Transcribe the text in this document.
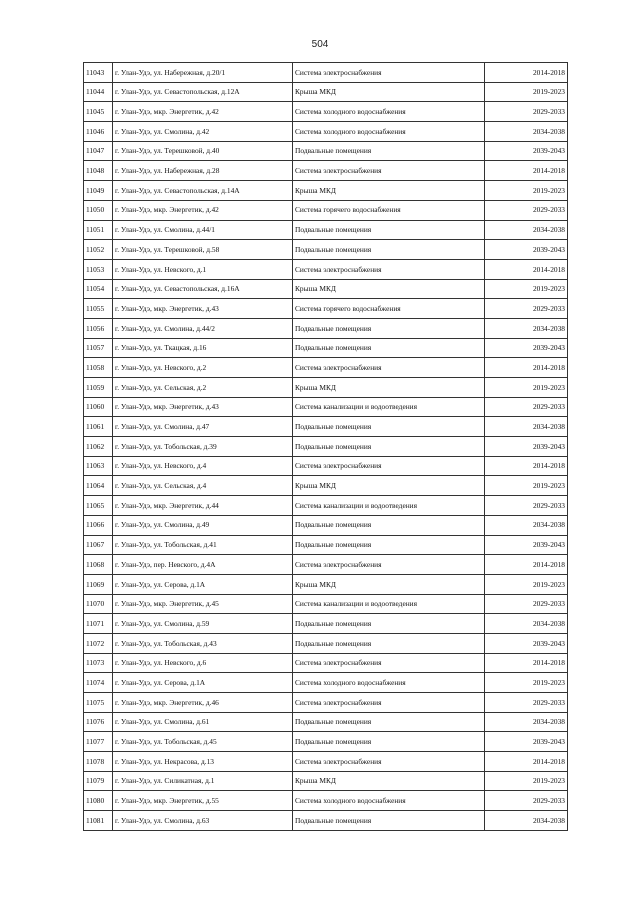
504
11043	г. Улан-Удэ, ул. Набережная, д.20/1	Система электроснабжения	2014-2018
11044	г. Улан-Удэ, ул. Севастопольская, д.12А	Крыша МКД	2019-2023
11045	г. Улан-Удэ, мкр. Энергетик, д.42	Система холодного водоснабжения	2029-2033
11046	г. Улан-Удэ, ул. Смолина, д.42	Система холодного водоснабжения	2034-2038
11047	г. Улан-Удэ, ул. Терешковой, д.40	Подвальные помещения	2039-2043
11048	г. Улан-Удэ, ул. Набережная, д.28	Система электроснабжения	2014-2018
11049	г. Улан-Удэ, ул. Севастопольская, д.14А	Крыша МКД	2019-2023
11050	г. Улан-Удэ, мкр. Энергетик, д.42	Система горячего водоснабжения	2029-2033
11051	г. Улан-Удэ, ул. Смолина, д.44/1	Подвальные помещения	2034-2038
11052	г. Улан-Удэ, ул. Терешковой, д.58	Подвальные помещения	2039-2043
11053	г. Улан-Удэ, ул. Невского, д.1	Система электроснабжения	2014-2018
11054	г. Улан-Удэ, ул. Севастопольская, д.16А	Крыша МКД	2019-2023
11055	г. Улан-Удэ, мкр. Энергетик, д.43	Система горячего водоснабжения	2029-2033
11056	г. Улан-Удэ, ул. Смолина, д.44/2	Подвальные помещения	2034-2038
11057	г. Улан-Удэ, ул. Ткацкая, д.16	Подвальные помещения	2039-2043
11058	г. Улан-Удэ, ул. Невского, д.2	Система электроснабжения	2014-2018
11059	г. Улан-Удэ, ул. Сельская, д.2	Крыша МКД	2019-2023
11060	г. Улан-Удэ, мкр. Энергетик, д.43	Система канализации и водоотведения	2029-2033
11061	г. Улан-Удэ, ул. Смолина, д.47	Подвальные помещения	2034-2038
11062	г. Улан-Удэ, ул. Тобольская, д.39	Подвальные помещения	2039-2043
11063	г. Улан-Удэ, ул. Невского, д.4	Система электроснабжения	2014-2018
11064	г. Улан-Удэ, ул. Сельская, д.4	Крыша МКД	2019-2023
11065	г. Улан-Удэ, мкр. Энергетик, д.44	Система канализации и водоотведения	2029-2033
11066	г. Улан-Удэ, ул. Смолина, д.49	Подвальные помещения	2034-2038
11067	г. Улан-Удэ, ул. Тобольская, д.41	Подвальные помещения	2039-2043
11068	г. Улан-Удэ, пер. Невского, д.4А	Система электроснабжения	2014-2018
11069	г. Улан-Удэ, ул. Серова, д.1А	Крыша МКД	2019-2023
11070	г. Улан-Удэ, мкр. Энергетик, д.45	Система канализации и водоотведения	2029-2033
11071	г. Улан-Удэ, ул. Смолина, д.59	Подвальные помещения	2034-2038
11072	г. Улан-Удэ, ул. Тобольская, д.43	Подвальные помещения	2039-2043
11073	г. Улан-Удэ, ул. Невского, д.6	Система электроснабжения	2014-2018
11074	г. Улан-Удэ, ул. Серова, д.1А	Система холодного водоснабжения	2019-2023
11075	г. Улан-Удэ, мкр. Энергетик, д.46	Система электроснабжения	2029-2033
11076	г. Улан-Удэ, ул. Смолина, д.61	Подвальные помещения	2034-2038
11077	г. Улан-Удэ, ул. Тобольская, д.45	Подвальные помещения	2039-2043
11078	г. Улан-Удэ, ул. Некрасова, д.13	Система электроснабжения	2014-2018
11079	г. Улан-Удэ, ул. Силикатная, д.1	Крыша МКД	2019-2023
11080	г. Улан-Удэ, мкр. Энергетик, д.55	Система холодного водоснабжения	2029-2033
11081	г. Улан-Удэ, ул. Смолина, д.63	Подвальные помещения	2034-2038
